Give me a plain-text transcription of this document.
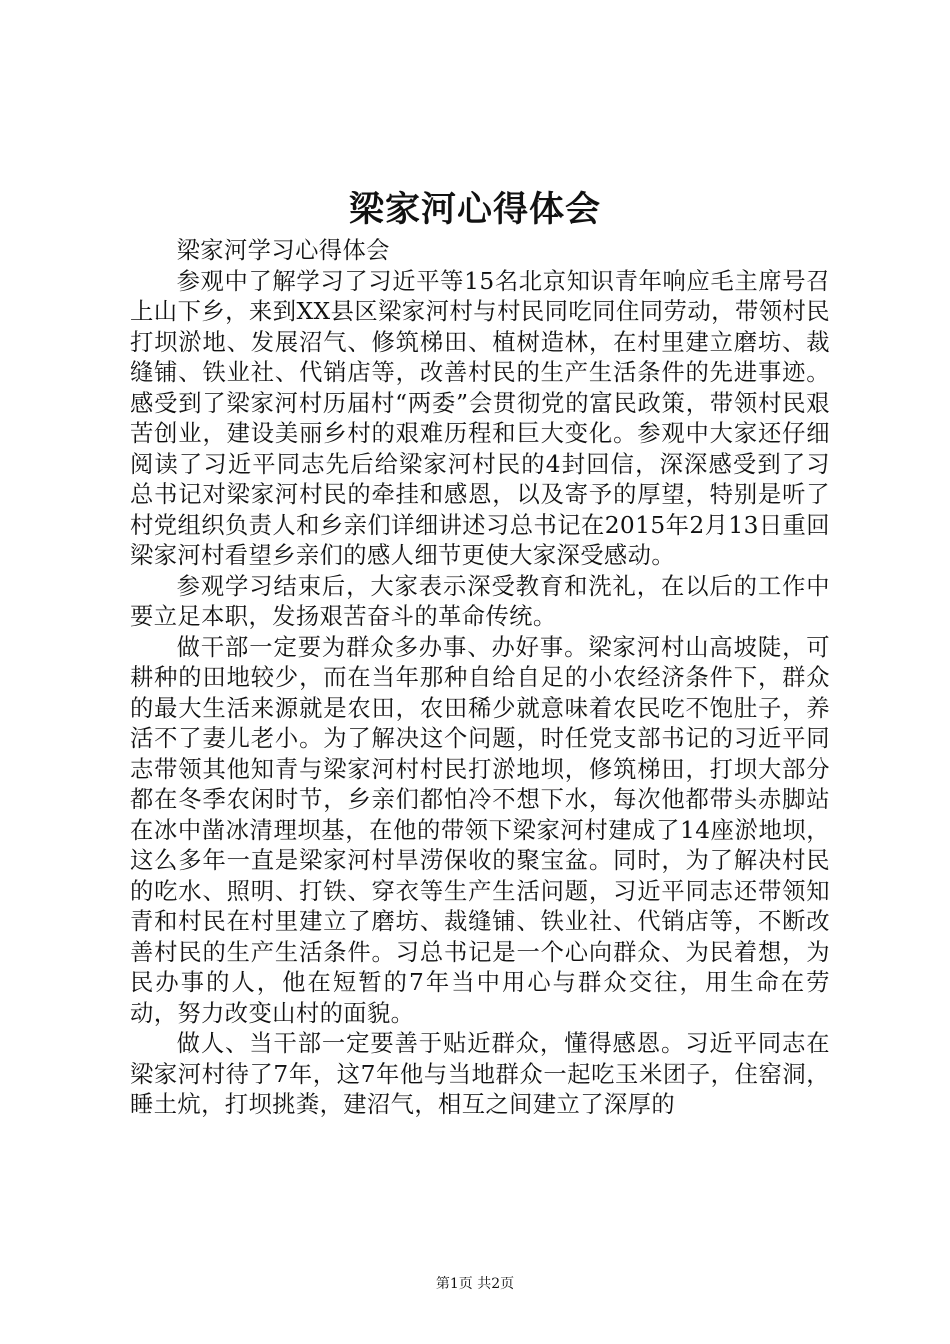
梁家河心得体会

梁家河学习心得体会

参观中了解学习了习近平等15名北京知识青年响应毛主席号召上山下乡，来到XX县区梁家河村与村民同吃同住同劳动，带领村民打坝淤地、发展沼气、修筑梯田、植树造林，在村里建立磨坊、裁缝铺、铁业社、代销店等，改善村民的生产生活条件的先进事迹。感受到了梁家河村历届村“两委”会贯彻党的富民政策，带领村民艰苦创业，建设美丽乡村的艰难历程和巨大变化。参观中大家还仔细阅读了习近平同志先后给梁家河村民的4封回信，深深感受到了习总书记对梁家河村民的牵挂和感恩，以及寄予的厚望，特别是听了村党组织负责人和乡亲们详细讲述习总书记在2015年2月13日重回梁家河村看望乡亲们的感人细节更使大家深受感动。

参观学习结束后，大家表示深受教育和洗礼，在以后的工作中要立足本职，发扬艰苦奋斗的革命传统。

做干部一定要为群众多办事、办好事。梁家河村山高坡陡，可耕种的田地较少，而在当年那种自给自足的小农经济条件下，群众的最大生活来源就是农田，农田稀少就意味着农民吃不饱肚子，养活不了妻儿老小。为了解决这个问题，时任党支部书记的习近平同志带领其他知青与梁家河村村民打淤地坝，修筑梯田，打坝大部分都在冬季农闲时节，乡亲们都怕冷不想下水，每次他都带头赤脚站在冰中凿冰清理坝基，在他的带领下梁家河村建成了14座淤地坝，这么多年一直是梁家河村旱涝保收的聚宝盆。同时，为了解决村民的吃水、照明、打铁、穿衣等生产生活问题，习近平同志还带领知青和村民在村里建立了磨坊、裁缝铺、铁业社、代销店等，不断改善村民的生产生活条件。习总书记是一个心向群众、为民着想，为民办事的人，他在短暂的7年当中用心与群众交往，用生命在劳动，努力改变山村的面貌。

做人、当干部一定要善于贴近群众，懂得感恩。习近平同志在梁家河村待了7年，这7年他与当地群众一起吃玉米团子，住窑洞，睡土炕，打坝挑粪，建沼气，相互之间建立了深厚的

第1页 共2页
